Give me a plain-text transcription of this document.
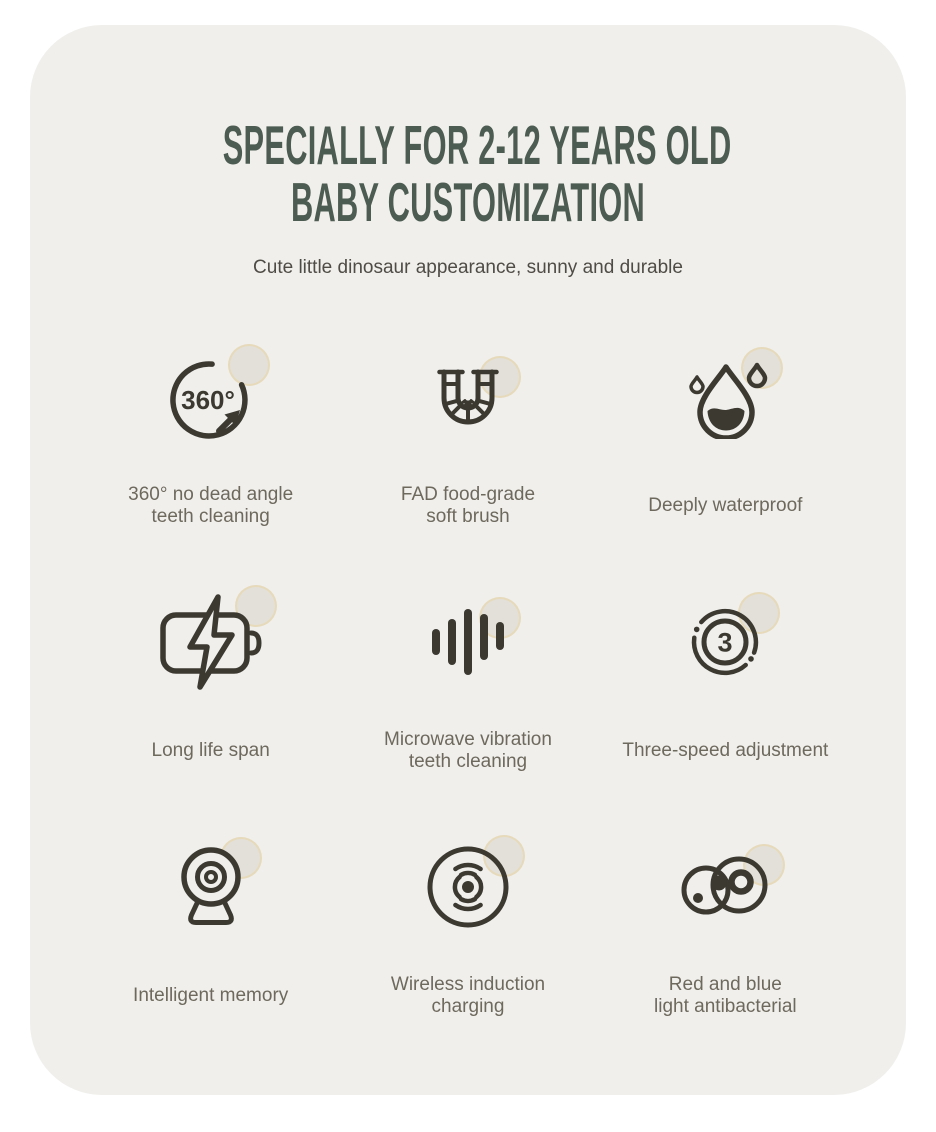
SPECIALLY FOR 2-12 YEARS OLD
BABY CUSTOMIZATION
Cute little dinosaur appearance, sunny and durable
360°
360° no dead angle
teeth cleaning
FAD food-grade
soft brush
Deeply waterproof
Long life span
Microwave vibration
teeth cleaning
3
Three-speed adjustment
Intelligent memory
Wireless induction
charging
Red and blue
light antibacterial
